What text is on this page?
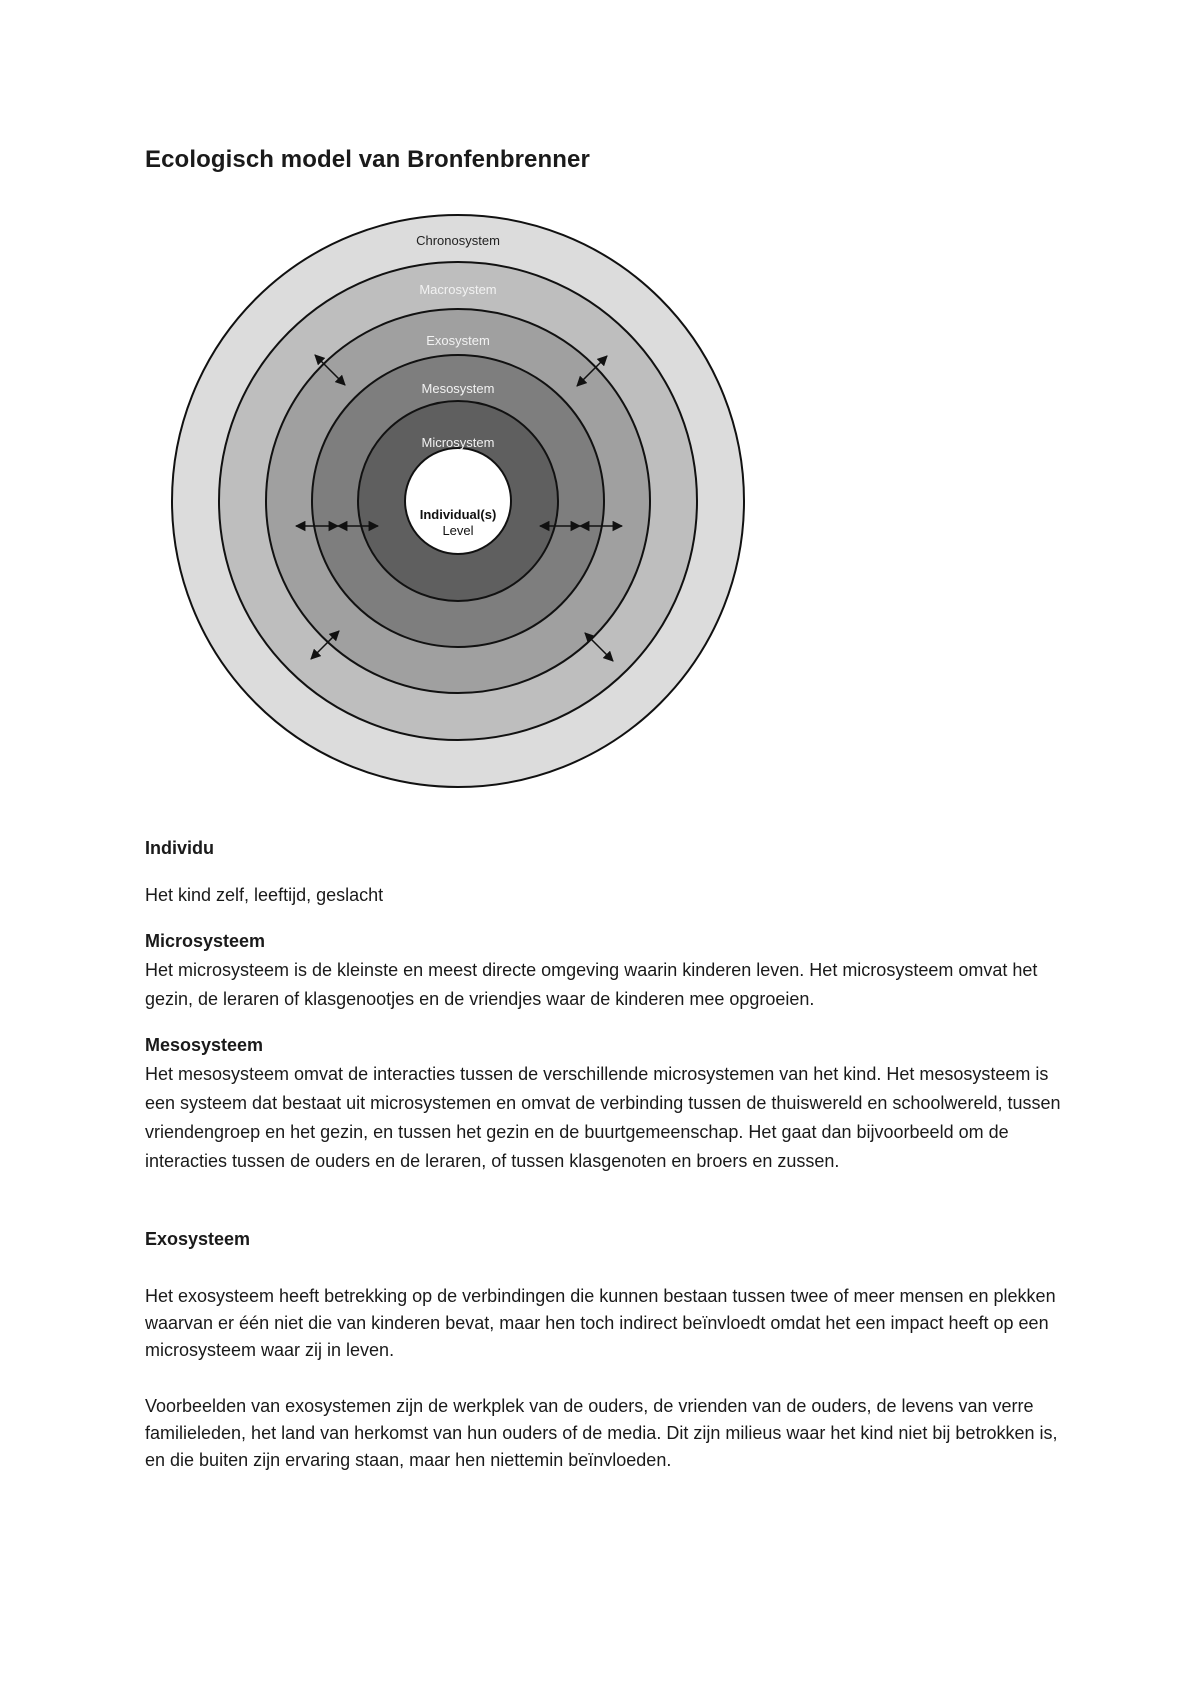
Ecologisch model van Bronfenbrenner
Chronosystem
Macrosystem
Exosystem
Mesosystem
Microsystem
Individual(s)
Level
Individu
Het kind zelf, leeftijd, geslacht
Microsysteem
Het microsysteem is de kleinste en meest directe omgeving waarin kinderen leven. Het microsysteem omvat het gezin, de leraren of klasgenootjes en de vriendjes waar de kinderen mee opgroeien.
Mesosysteem
Het mesosysteem omvat de interacties tussen de verschillende microsystemen van het kind. Het mesosysteem is een systeem dat bestaat uit microsystemen en omvat de verbinding tussen de thuiswereld en schoolwereld, tussen vriendengroep en het gezin, en tussen het gezin en de buurtgemeenschap. Het gaat dan bijvoorbeeld om de interacties tussen de ouders en de leraren, of tussen klasgenoten en broers en zussen.
Exosysteem
Het exosysteem heeft betrekking op de verbindingen die kunnen bestaan tussen twee of meer mensen en plekken waarvan er één niet die van kinderen bevat, maar hen toch indirect beïnvloedt omdat het een impact heeft op een microsysteem waar zij in leven.
Voorbeelden van exosystemen zijn de werkplek van de ouders, de vrienden van de ouders, de levens van verre familieleden, het land van herkomst van hun ouders of de media. Dit zijn milieus waar het kind niet bij betrokken is, en die buiten zijn ervaring staan, maar hen niettemin beïnvloeden.
